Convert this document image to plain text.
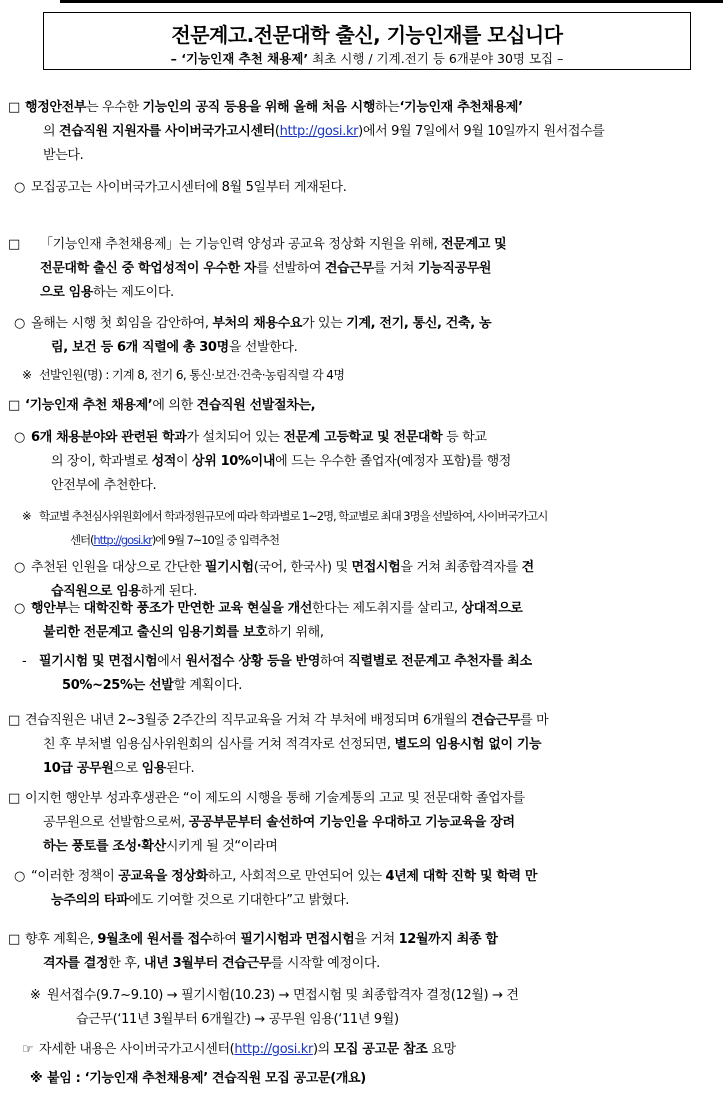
전문계고.전문대학 출신, 기능인재를 모십니다
– ‘기능인재 추천 채용제’ 최초 시행 / 기계.전기 등 6개분야 30명 모집 –
□ 행정안전부는 우수한 기능인의 공직 등용을 위해 올해 처음 시행하는‘기능인재 추천채용제’
의 견습직원 지원자를 사이버국가고시센터(http://gosi.kr)에서 9월 7일에서 9월 10일까지 원서접수를
받는다.
○ 모집공고는 사이버국가고시센터에 8월 5일부터 게재된다.
□	「기능인재 추천채용제」는 기능인력 양성과 공교육 정상화 지원을 위해, 전문계고 및
전문대학 출신 중 학업성적이 우수한 자를 선발하여 견습근무를 거쳐 기능직공무원
으로 임용하는 제도이다.
○ 올해는 시행 첫 회임을 감안하여, 부처의 채용수요가 있는 기계, 전기, 통신, 건축, 농
림, 보건 등 6개 직렬에 총 30명을 선발한다.
※ 선발인원(명) : 기계 8, 전기 6, 통신·보건·건축·농림직렬 각 4명
□ ‘기능인재 추천 채용제’에 의한 견습직원 선발절차는,
○ 6개 채용분야와 관련된 학과가 설치되어 있는 전문계 고등학교 및 전문대학 등 학교
의 장이, 학과별로 성적이 상위 10%이내에 드는 우수한 졸업자(예정자 포함)를 행정
안전부에 추천한다.
※ 학교별 추천심사위원회에서 학과정원규모에 따라 학과별로 1~2명, 학교별로 최대 3명을 선발하여, 사이버국가고시
센터(http://gosi.kr)에 9월 7~10일 중 입력추천
○ 추천된 인원을 대상으로 간단한 필기시험(국어, 한국사) 및 면접시험을 거쳐 최종합격자를 견
습직원으로 임용하게 된다.
○ 행안부는 대학진학 풍조가 만연한 교육 현실을 개선한다는 제도취지를 살리고, 상대적으로
불리한 전문계고 출신의 임용기회를 보호하기 위해,
- 필기시험 및 면접시험에서 원서접수 상황 등을 반영하여 직렬별로 전문계고 추천자를 최소
50%~25%는 선발할 계획이다.
□ 견습직원은 내년 2~3월중 2주간의 직무교육을 거쳐 각 부처에 배정되며 6개월의 견습근무를 마
친 후 부처별 임용심사위원회의 심사를 거쳐 적격자로 선정되면, 별도의 임용시험 없이 기능
10급 공무원으로 임용된다.
□ 이지헌 행안부 성과후생관은 “이 제도의 시행을 통해 기술계통의 고교 및 전문대학 졸업자를
공무원으로 선발함으로써, 공공부문부터 솔선하여 기능인을 우대하고 기능교육을 장려
하는 풍토를 조성·확산시키게 될 것“이라며
○ “이러한 정책이 공교육을 정상화하고, 사회적으로 만연되어 있는 4년제 대학 진학 및 학력 만
능주의의 타파에도 기여할 것으로 기대한다”고 밝혔다.
□ 향후 계획은, 9월초에 원서를 접수하여 필기시험과 면접시험을 거쳐 12월까지 최종 합
격자를 결정한 후, 내년 3월부터 견습근무를 시작할 예정이다.
※ 원서접수(9.7~9.10) → 필기시험(10.23) → 면접시험 및 최종합격자 결정(12월) → 견
습근무(‘11년 3월부터 6개월간) → 공무원 임용(‘11년 9월)
☞ 자세한 내용은 사이버국가고시센터(http://gosi.kr)의 모집 공고문 참조 요망
※ 붙임 : ‘기능인재 추천채용제’ 견습직원 모집 공고문(개요)
